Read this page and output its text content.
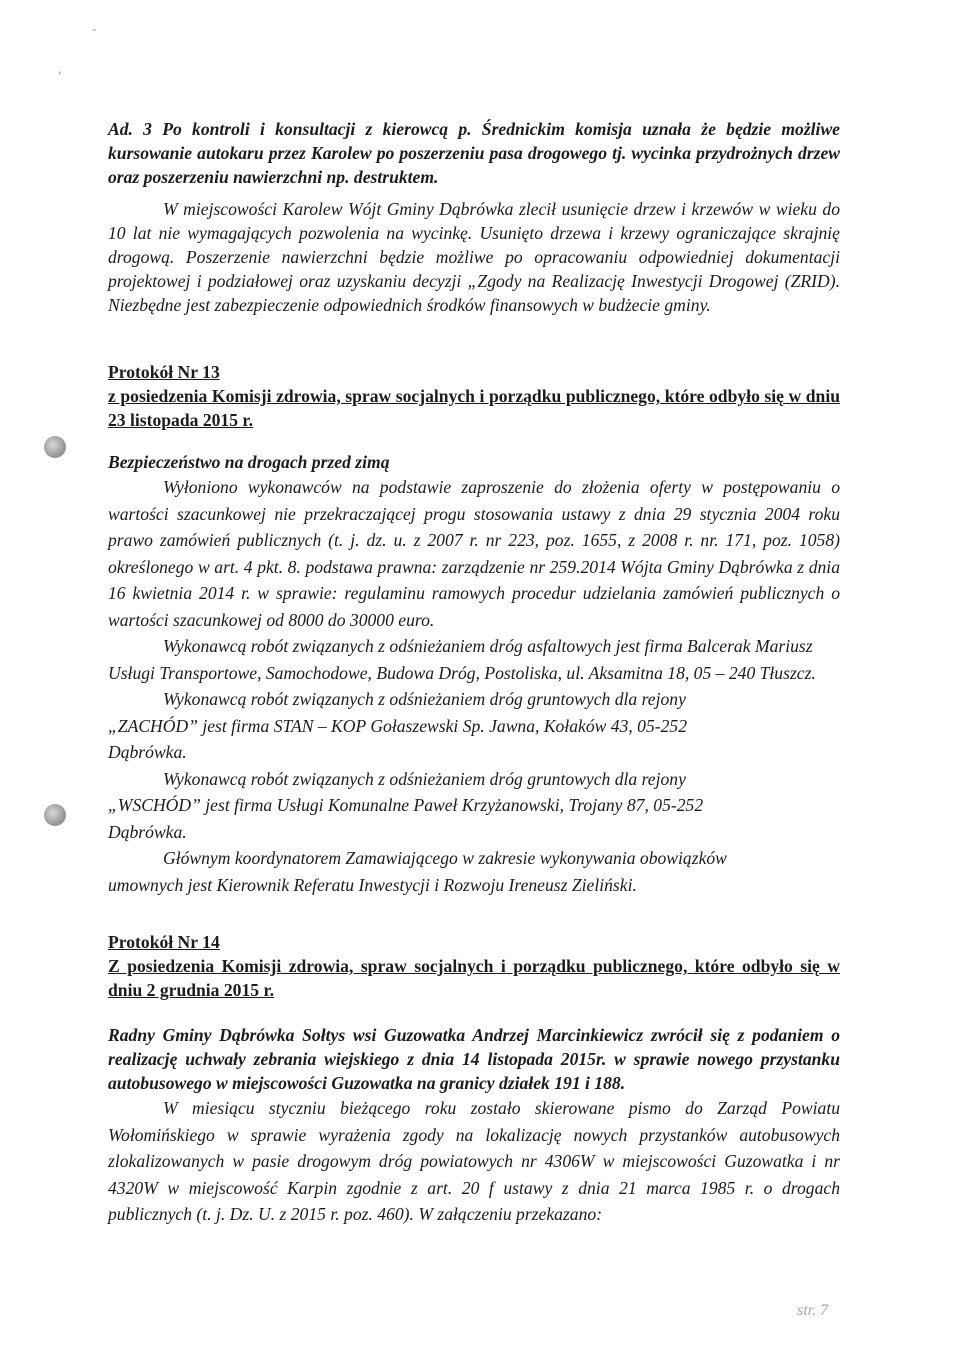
-
,

Ad. 3 Po kontroli i konsultacji z kierowcą p. Średnickim komisja uznała że będzie możliwe kursowanie autokaru przez Karolew po poszerzeniu pasa drogowego tj. wycinka przydrożnych drzew oraz poszerzeniu nawierzchni np. destruktem.

W miejscowości Karolew Wójt Gminy Dąbrówka zlecił usunięcie drzew i krzewów w wieku do 10 lat nie wymagających pozwolenia na wycinkę. Usunięto drzewa i krzewy ograniczające skrajnię drogową. Poszerzenie nawierzchni będzie możliwe po opracowaniu odpowiedniej dokumentacji projektowej i podziałowej oraz uzyskaniu decyzji „Zgody na Realizację Inwestycji Drogowej (ZRID). Niezbędne jest zabezpieczenie odpowiednich środków finansowych w budżecie gminy.

Protokół Nr 13

z posiedzenia Komisji zdrowia, spraw socjalnych i porządku publicznego, które odbyło się w dniu 23 listopada 2015 r.

Bezpieczeństwo na drogach przed zimą

Wyłoniono wykonawców na podstawie zaproszenie do złożenia oferty w postępowaniu o wartości szacunkowej nie przekraczającej progu stosowania ustawy z dnia 29 stycznia 2004 roku prawo zamówień publicznych (t. j. dz. u. z 2007 r. nr 223, poz. 1655, z 2008 r. nr. 171, poz. 1058) określonego w art. 4 pkt. 8. podstawa prawna: zarządzenie nr 259.2014 Wójta Gminy Dąbrówka z dnia 16 kwietnia 2014 r. w sprawie: regulaminu ramowych procedur udzielania zamówień publicznych o wartości szacunkowej od 8000 do 30000 euro.

Wykonawcą robót związanych z odśnieżaniem dróg asfaltowych jest firma Balcerak Mariusz Usługi Transportowe, Samochodowe, Budowa Dróg, Postoliska, ul. Aksamitna 18, 05 – 240 Tłuszcz.

Wykonawcą robót związanych z odśnieżaniem dróg gruntowych dla rejony „ZACHÓD” jest firma STAN – KOP Gołaszewski Sp. Jawna, Kołaków 43, 05-252 Dąbrówka.

Wykonawcą robót związanych z odśnieżaniem dróg gruntowych dla rejony „WSCHÓD” jest firma Usługi Komunalne Paweł Krzyżanowski, Trojany 87, 05-252 Dąbrówka.

Głównym koordynatorem Zamawiającego w zakresie wykonywania obowiązków umownych jest Kierownik Referatu Inwestycji i Rozwoju Ireneusz Zieliński.

Protokół Nr 14

Z posiedzenia Komisji zdrowia, spraw socjalnych i porządku publicznego, które odbyło się w dniu 2 grudnia 2015 r.

Radny Gminy Dąbrówka Sołtys wsi Guzowatka Andrzej Marcinkiewicz zwrócił się z podaniem o realizację uchwały zebrania wiejskiego z dnia 14 listopada 2015r. w sprawie nowego przystanku autobusowego w miejscowości Guzowatka na granicy działek 191 i 188.

W miesiącu styczniu bieżącego roku zostało skierowane pismo do Zarząd Powiatu Wołomińskiego w sprawie wyrażenia zgody na lokalizację nowych przystanków autobusowych zlokalizowanych w pasie drogowym dróg powiatowych nr 4306W w miejscowości Guzowatka i nr 4320W w miejscowość Karpin zgodnie z art. 20 f ustawy z dnia 21 marca 1985 r. o drogach publicznych (t. j. Dz. U. z 2015 r. poz. 460). W załączeniu przekazano:

str. 7
